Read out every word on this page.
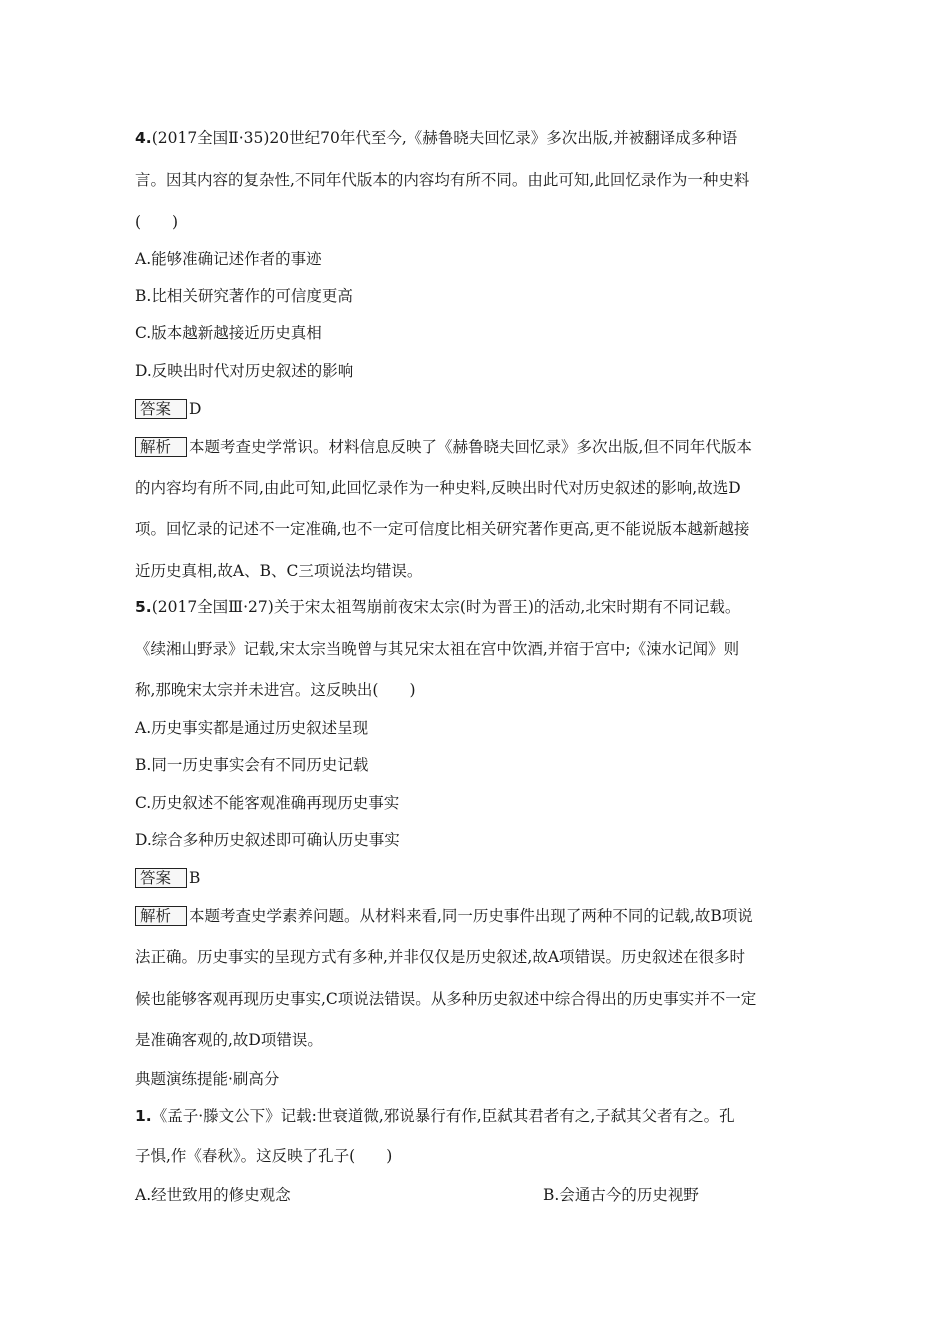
4.(2017全国Ⅱ·35)20世纪70年代至今,《赫鲁晓夫回忆录》多次出版,并被翻译成多种语
言。因其内容的复杂性,不同年代版本的内容均有所不同。由此可知,此回忆录作为一种史料
(　　)
A.能够准确记述作者的事迹
B.比相关研究著作的可信度更高
C.版本越新越接近历史真相
D.反映出时代对历史叙述的影响
答案 D
解析 本题考查史学常识。材料信息反映了《赫鲁晓夫回忆录》多次出版,但不同年代版本
的内容均有所不同,由此可知,此回忆录作为一种史料,反映出时代对历史叙述的影响,故选D
项。回忆录的记述不一定准确,也不一定可信度比相关研究著作更高,更不能说版本越新越接
近历史真相,故A、B、C三项说法均错误。
5.(2017全国Ⅲ·27)关于宋太祖驾崩前夜宋太宗(时为晋王)的活动,北宋时期有不同记载。
《续湘山野录》记载,宋太宗当晚曾与其兄宋太祖在宫中饮酒,并宿于宫中;《涑水记闻》则
称,那晚宋太宗并未进宫。这反映出(　　)
A.历史事实都是通过历史叙述呈现
B.同一历史事实会有不同历史记载
C.历史叙述不能客观准确再现历史事实
D.综合多种历史叙述即可确认历史事实
答案 B
解析 本题考查史学素养问题。从材料来看,同一历史事件出现了两种不同的记载,故B项说
法正确。历史事实的呈现方式有多种,并非仅仅是历史叙述,故A项错误。历史叙述在很多时
候也能够客观再现历史事实,C项说法错误。从多种历史叙述中综合得出的历史事实并不一定
是准确客观的,故D项错误。
典题演练提能·刷高分
1.《孟子·滕文公下》记载:世衰道微,邪说暴行有作,臣弑其君者有之,子弑其父者有之。孔
子惧,作《春秋》。这反映了孔子(　　)
A.经世致用的修史观念	B.会通古今的历史视野
